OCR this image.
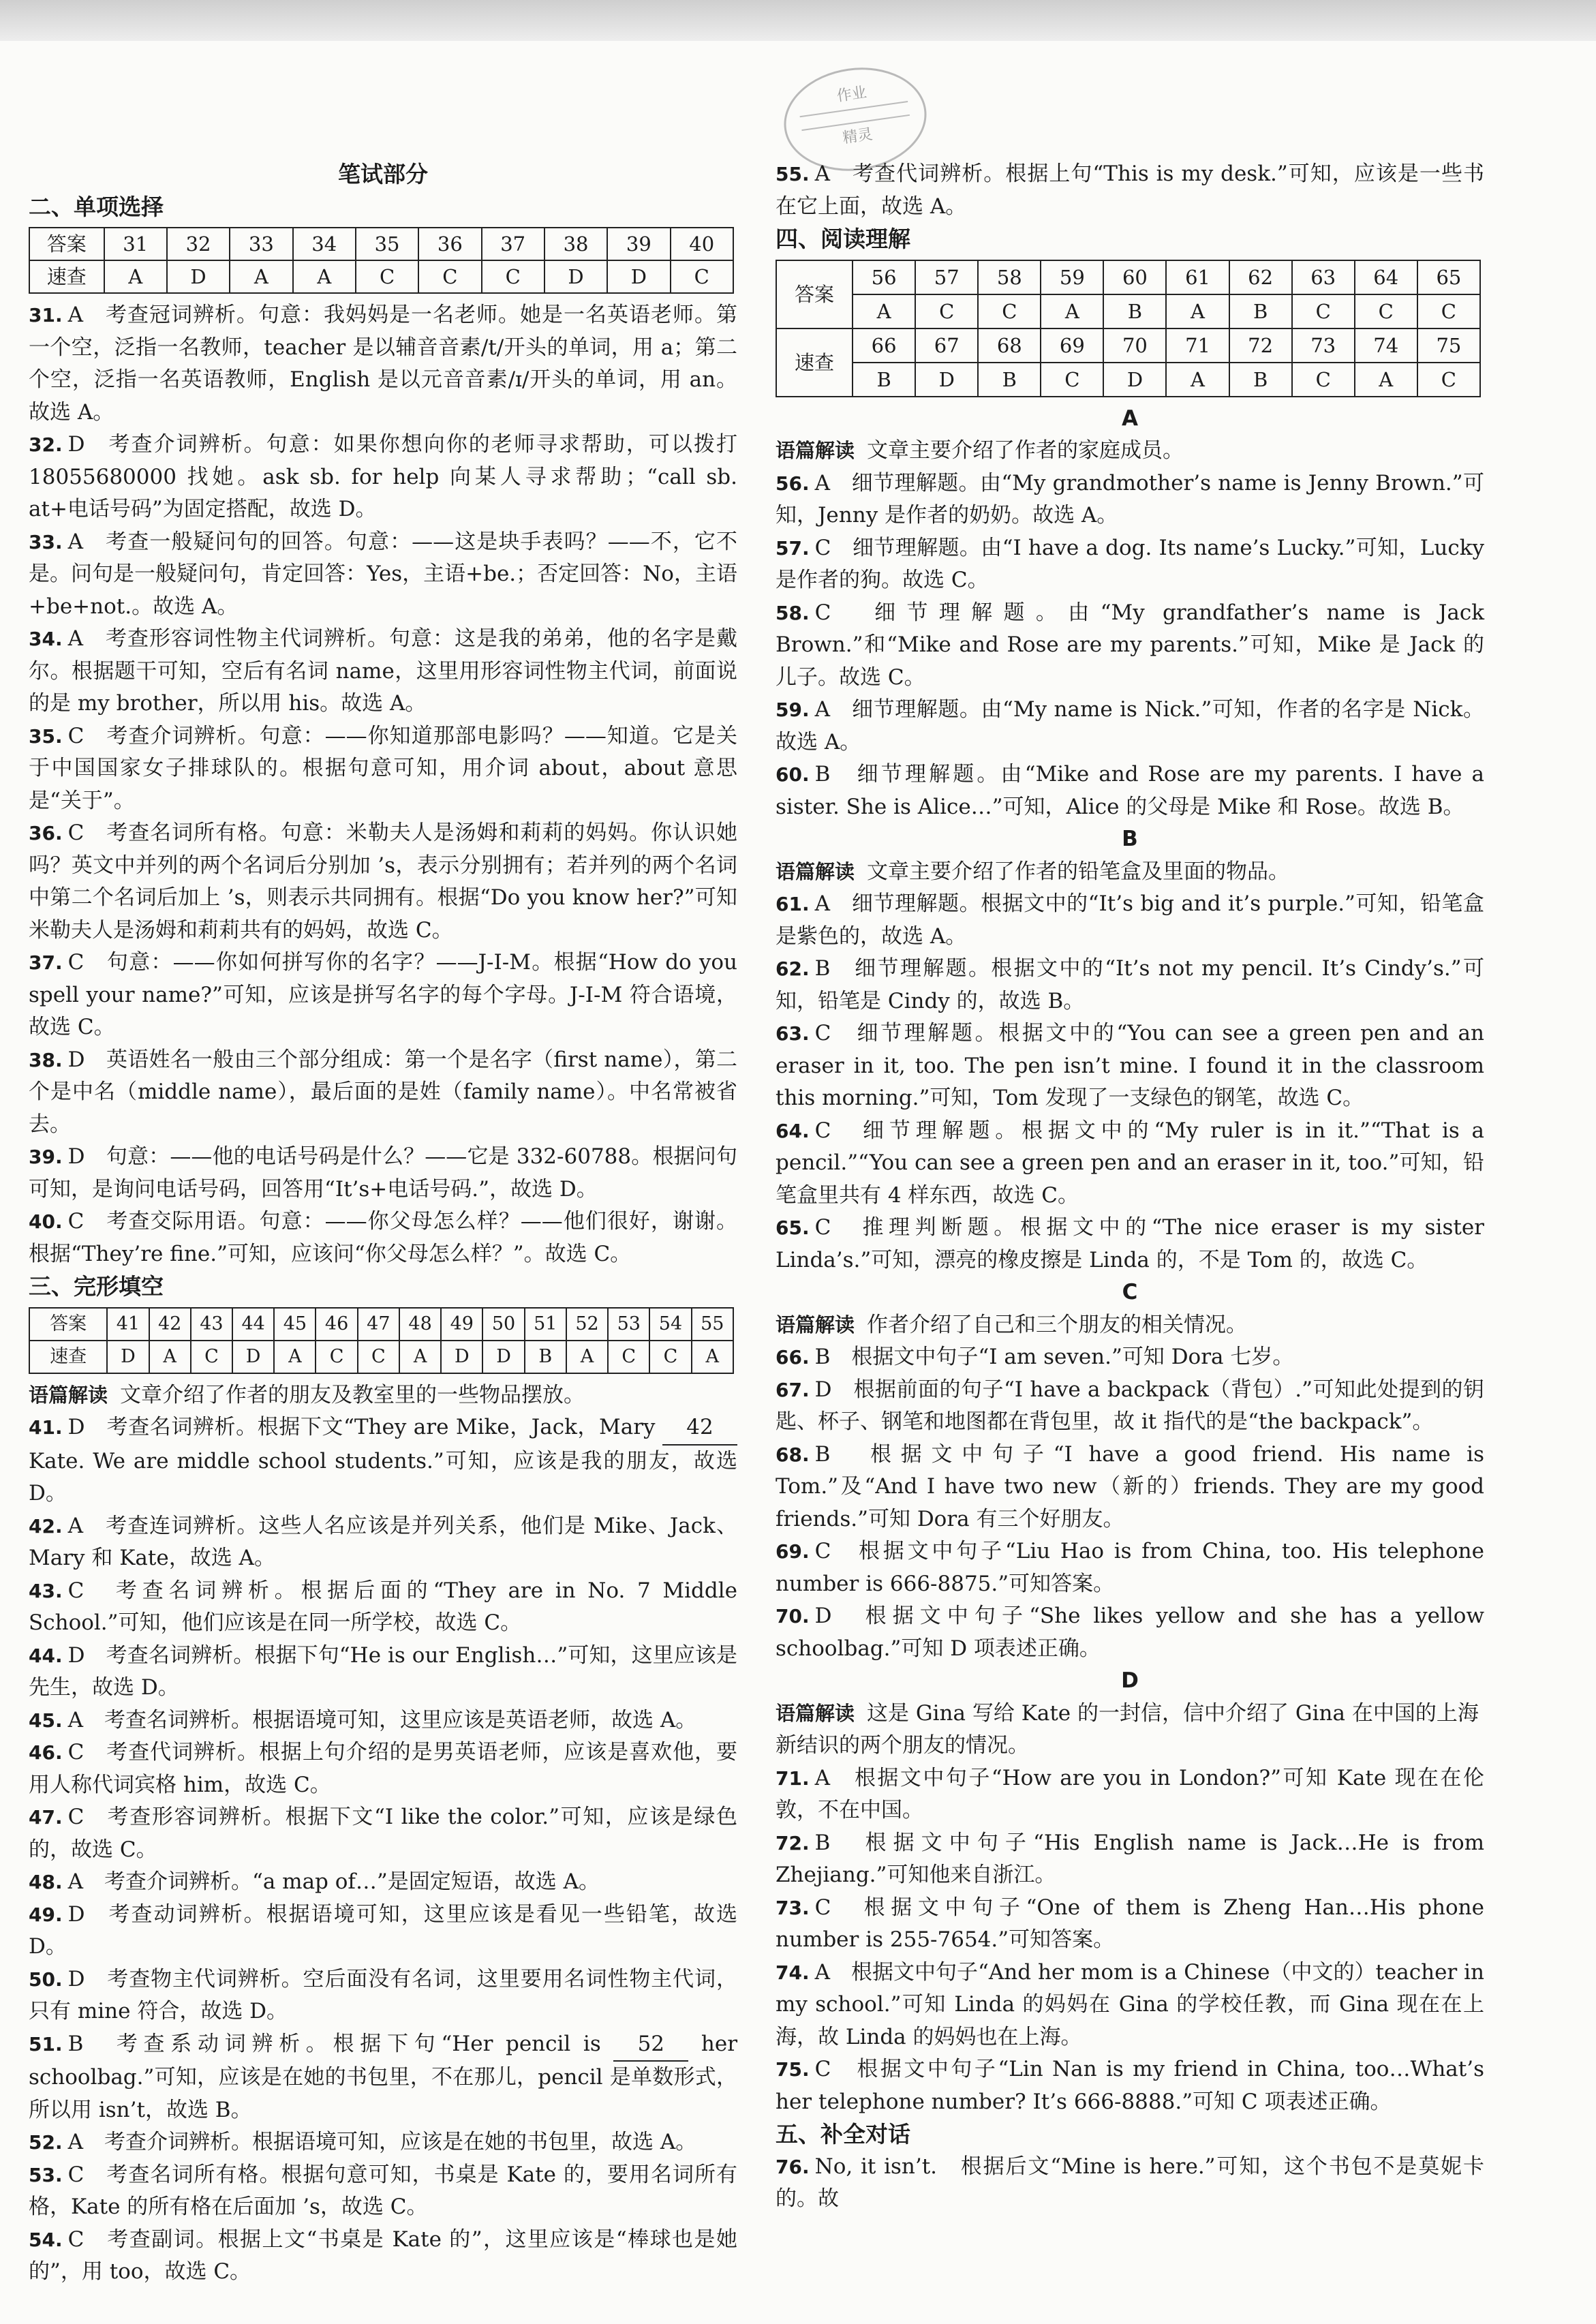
作业

精灵

笔试部分

二、单项选择

答案	31	32	33	34	35	36	37	38	39	40
速查	A	D	A	A	C	C	C	D	D	C

31. A　考查冠词辨析。句意：我妈妈是一名老师。她是一名英语老师。第一个空，泛指一名教师，teacher 是以辅音音素/t/开头的单词，用 a；第二个空，泛指一名英语教师，English 是以元音音素/ɪ/开头的单词，用 an。故选 A。

32. D　考查介词辨析。句意：如果你想向你的老师寻求帮助，可以拨打 18055680000 找她。ask sb. for help 向某人寻求帮助；“call sb. at+电话号码”为固定搭配，故选 D。

33. A　考查一般疑问句的回答。句意：——这是块手表吗？——不，它不是。问句是一般疑问句，肯定回答：Yes，主语+be.；否定回答：No，主语+be+not.。故选 A。

34. A　考查形容词性物主代词辨析。句意：这是我的弟弟，他的名字是戴尔。根据题干可知，空后有名词 name，这里用形容词性物主代词，前面说的是 my brother，所以用 his。故选 A。

35. C　考查介词辨析。句意：——你知道那部电影吗？——知道。它是关于中国国家女子排球队的。根据句意可知，用介词 about，about 意思是“关于”。

36. C　考查名词所有格。句意：米勒夫人是汤姆和莉莉的妈妈。你认识她吗？英文中并列的两个名词后分别加 ’s，表示分别拥有；若并列的两个名词中第二个名词后加上 ’s，则表示共同拥有。根据“Do you know her?”可知米勒夫人是汤姆和莉莉共有的妈妈，故选 C。

37. C　句意：——你如何拼写你的名字？——J-I-M。根据“How do you spell your name?”可知，应该是拼写名字的每个字母。J-I-M 符合语境，故选 C。

38. D　英语姓名一般由三个部分组成：第一个是名字（first name），第二个是中名（middle name），最后面的是姓（family name）。中名常被省去。

39. D　句意：——他的电话号码是什么？——它是 332-60788。根据问句可知，是询问电话号码，回答用“It’s+电话号码.”，故选 D。

40. C　考查交际用语。句意：——你父母怎么样？——他们很好，谢谢。根据“They’re fine.”可知，应该问“你父母怎么样？”。故选 C。

三、完形填空

答案	41	42	43	44	45	46	47	48	49	50	51	52	53	54	55
速查	D	A	C	D	A	C	C	A	D	D	B	A	C	C	A

语篇解读 文章介绍了作者的朋友及教室里的一些物品摆放。

41. D　考查名词辨析。根据下文“They are Mike，Jack，Mary 42 Kate. We are middle school students.”可知，应该是我的朋友，故选 D。

42. A　考查连词辨析。这些人名应该是并列关系，他们是 Mike、Jack、Mary 和 Kate，故选 A。

43. C　考查名词辨析。根据后面的“They are in No. 7 Middle School.”可知，他们应该是在同一所学校，故选 C。

44. D　考查名词辨析。根据下句“He is our English…”可知，这里应该是先生，故选 D。

45. A　考查名词辨析。根据语境可知，这里应该是英语老师，故选 A。

46. C　考查代词辨析。根据上句介绍的是男英语老师，应该是喜欢他，要用人称代词宾格 him，故选 C。

47. C　考查形容词辨析。根据下文“I like the color.”可知，应该是绿色的，故选 C。

48. A　考查介词辨析。“a map of…”是固定短语，故选 A。

49. D　考查动词辨析。根据语境可知，这里应该是看见一些铅笔，故选 D。

50. D　考查物主代词辨析。空后面没有名词，这里要用名词性物主代词，只有 mine 符合，故选 D。

51. B　考查系动词辨析。根据下句“Her pencil is 52 her schoolbag.”可知，应该是在她的书包里，不在那儿，pencil 是单数形式，所以用 isn’t，故选 B。

52. A　考查介词辨析。根据语境可知，应该是在她的书包里，故选 A。

53. C　考查名词所有格。根据句意可知，书桌是 Kate 的，要用名词所有格，Kate 的所有格在后面加 ’s，故选 C。

54. C　考查副词。根据上文“书桌是 Kate 的”，这里应该是“棒球也是她的”，用 too，故选 C。

55. A　考查代词辨析。根据上句“This is my desk.”可知，应该是一些书在它上面，故选 A。

四、阅读理解

答案	56	57	58	59	60	61	62	63	64	65
	A	C	C	A	B	A	B	C	C	C
速查	66	67	68	69	70	71	72	73	74	75
	B	D	B	C	D	A	B	C	A	C

A

语篇解读 文章主要介绍了作者的家庭成员。

56. A　细节理解题。由“My grandmother’s name is Jenny Brown.”可知，Jenny 是作者的奶奶。故选 A。

57. C　细节理解题。由“I have a dog. Its name’s Lucky.”可知，Lucky 是作者的狗。故选 C。

58. C　细节理解题。由“My grandfather’s name is Jack Brown.”和“Mike and Rose are my parents.”可知，Mike 是 Jack 的儿子。故选 C。

59. A　细节理解题。由“My name is Nick.”可知，作者的名字是 Nick。故选 A。

60. B　细节理解题。由“Mike and Rose are my parents. I have a sister. She is Alice…”可知，Alice 的父母是 Mike 和 Rose。故选 B。

B

语篇解读 文章主要介绍了作者的铅笔盒及里面的物品。

61. A　细节理解题。根据文中的“It’s big and it’s purple.”可知，铅笔盒是紫色的，故选 A。

62. B　细节理解题。根据文中的“It’s not my pencil. It’s Cindy’s.”可知，铅笔是 Cindy 的，故选 B。

63. C　细节理解题。根据文中的“You can see a green pen and an eraser in it, too. The pen isn’t mine. I found it in the classroom this morning.”可知，Tom 发现了一支绿色的钢笔，故选 C。

64. C　细节理解题。根据文中的“My ruler is in it.”“That is a pencil.”“You can see a green pen and an eraser in it, too.”可知，铅笔盒里共有 4 样东西，故选 C。

65. C　推理判断题。根据文中的“The nice eraser is my sister Linda’s.”可知，漂亮的橡皮擦是 Linda 的，不是 Tom 的，故选 C。

C

语篇解读 作者介绍了自己和三个朋友的相关情况。

66. B　根据文中句子“I am seven.”可知 Dora 七岁。

67. D　根据前面的句子“I have a backpack（背包）.”可知此处提到的钥匙、杯子、钢笔和地图都在背包里，故 it 指代的是“the backpack”。

68. B　根据文中句子“I have a good friend. His name is Tom.”及“And I have two new（新的）friends. They are my good friends.”可知 Dora 有三个好朋友。

69. C　根据文中句子“Liu Hao is from China, too. His telephone number is 666-8875.”可知答案。

70. D　根据文中句子“She likes yellow and she has a yellow schoolbag.”可知 D 项表述正确。

D

语篇解读 这是 Gina 写给 Kate 的一封信，信中介绍了 Gina 在中国的上海新结识的两个朋友的情况。

71. A　根据文中句子“How are you in London?”可知 Kate 现在在伦敦，不在中国。

72. B　根据文中句子“His English name is Jack…He is from Zhejiang.”可知他来自浙江。

73. C　根据文中句子“One of them is Zheng Han…His phone number is 255-7654.”可知答案。

74. A　根据文中句子“And her mom is a Chinese（中文的）teacher in my school.”可知 Linda 的妈妈在 Gina 的学校任教，而 Gina 现在在上海，故 Linda 的妈妈也在上海。

75. C　根据文中句子“Lin Nan is my friend in China, too…What’s her telephone number? It’s 666-8888.”可知 C 项表述正确。

五、补全对话

76. No, it isn’t.　根据后文“Mine is here.”可知，这个书包不是莫妮卡的。故
